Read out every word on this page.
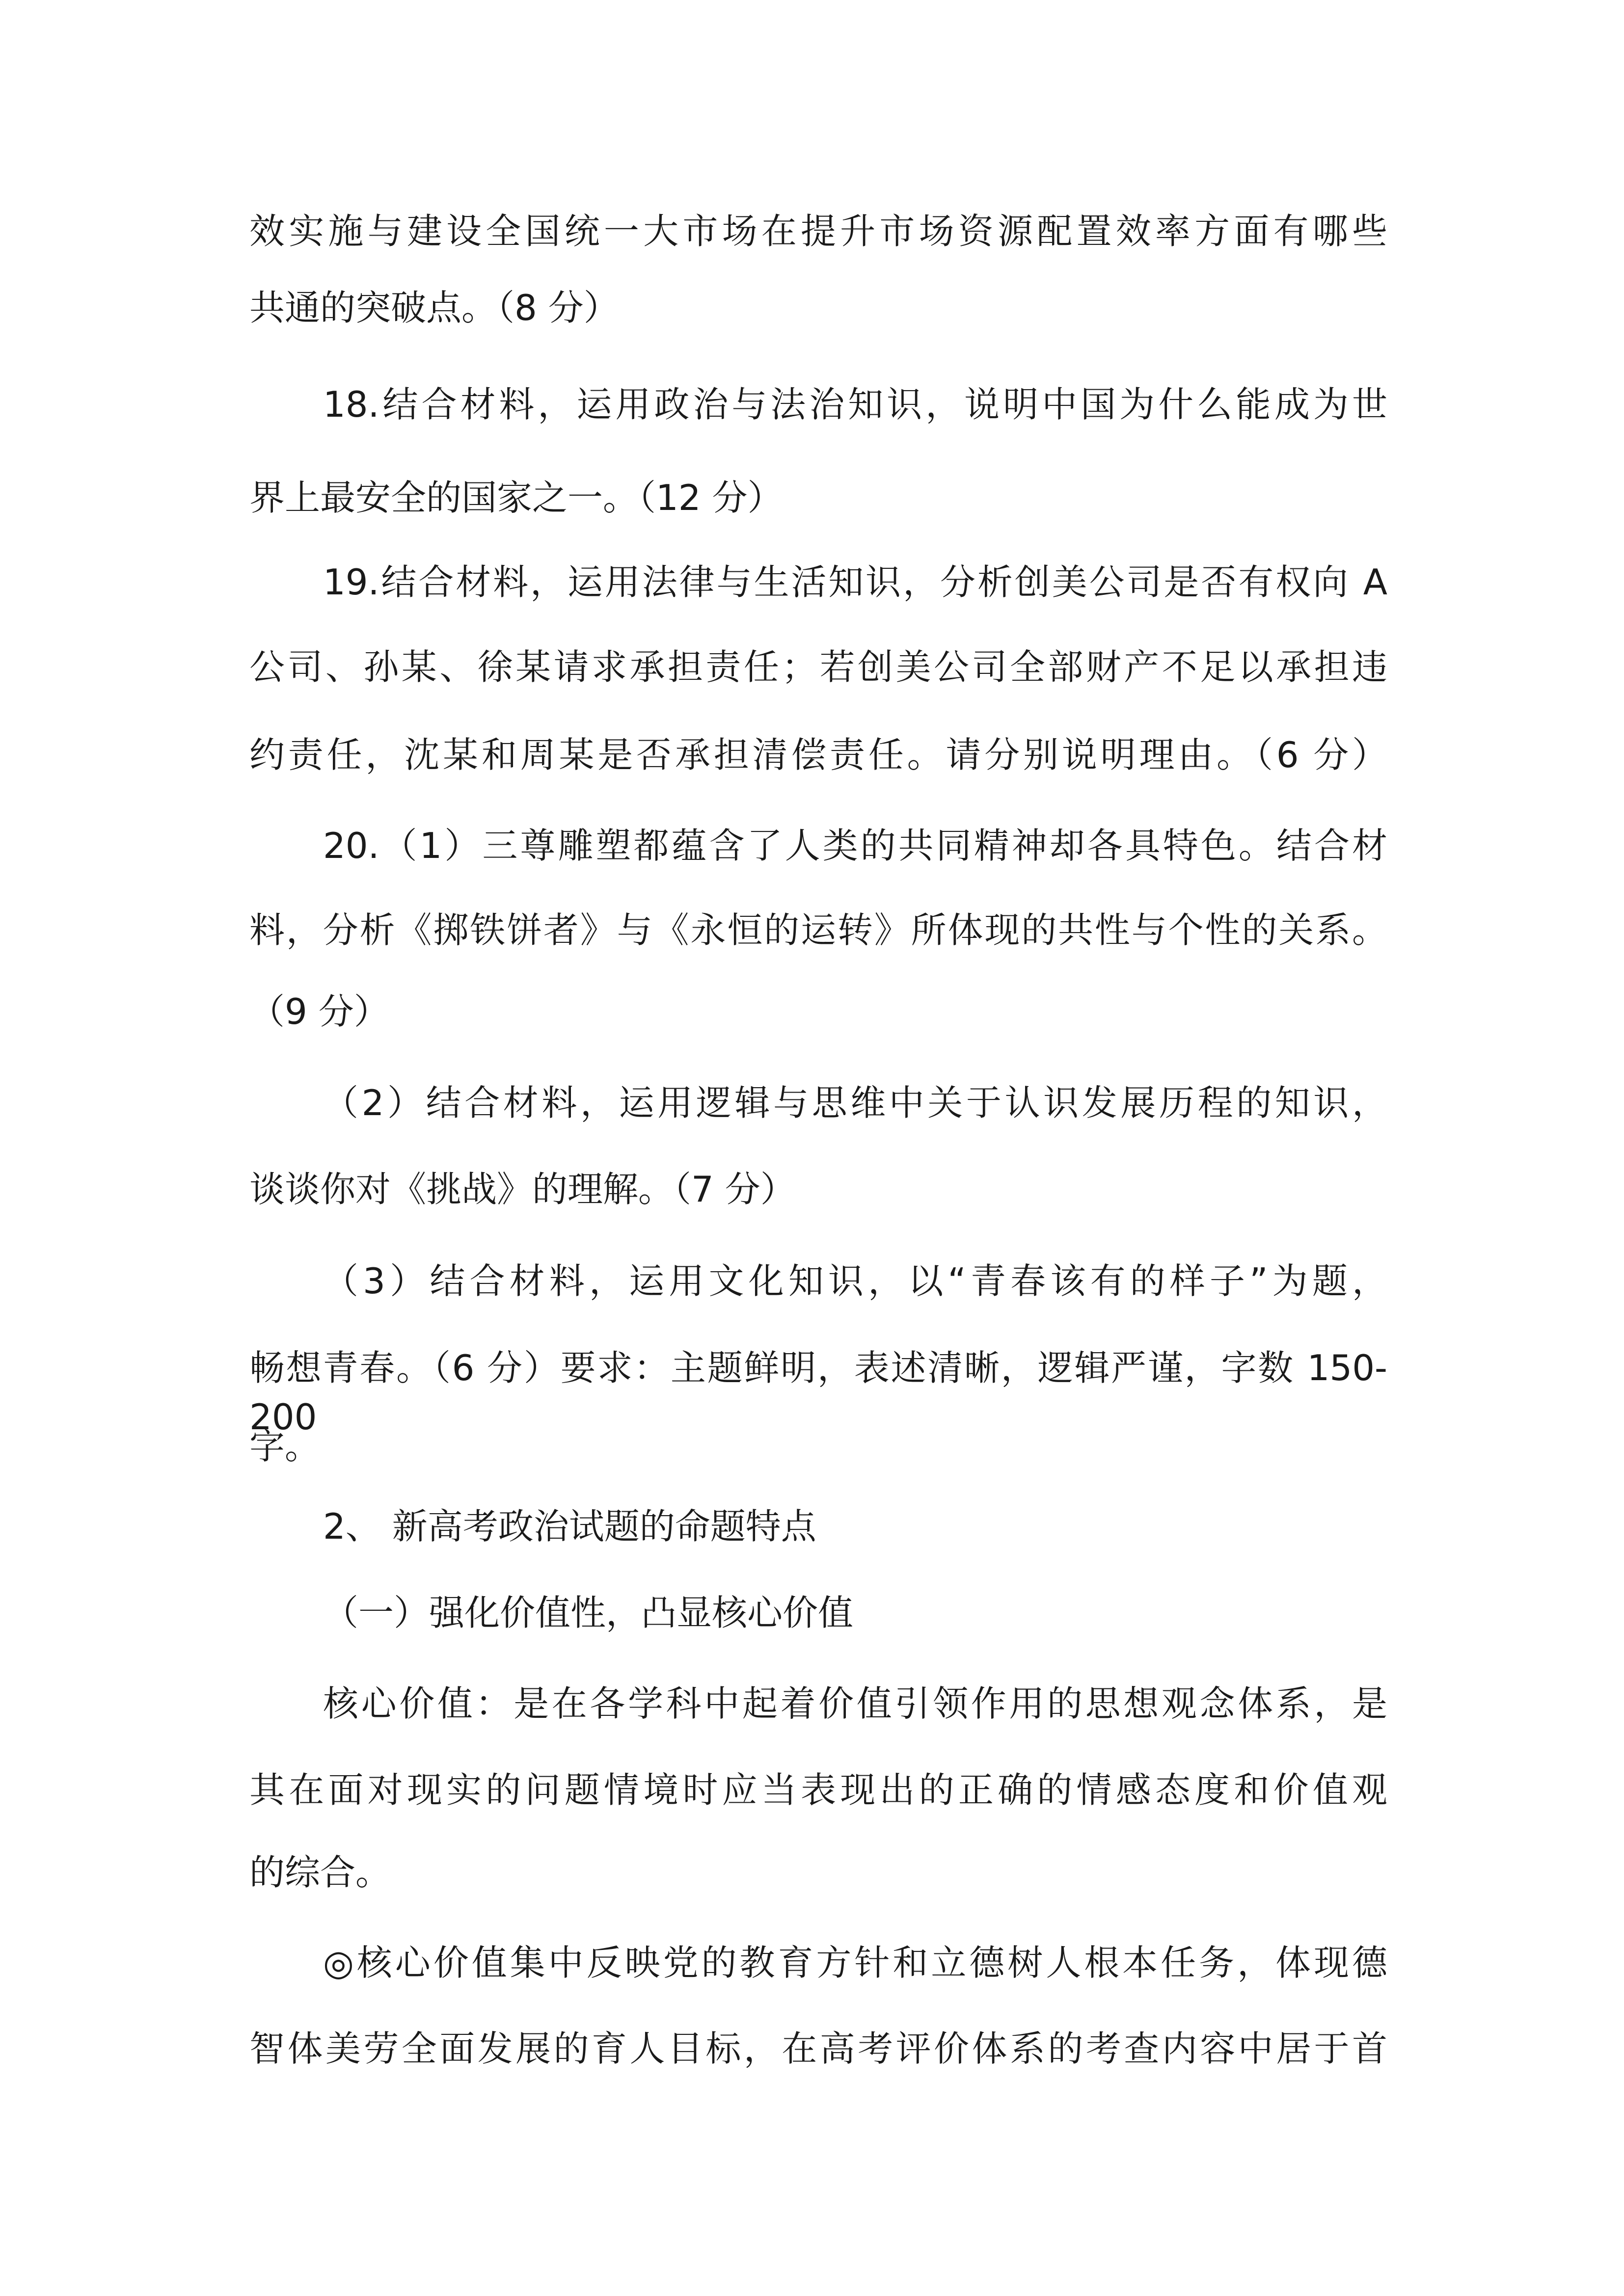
效实施与建设全国统一大市场在提升市场资源配置效率方面有哪些
共通的突破点。（8 分）
18.结合材料，运用政治与法治知识，说明中国为什么能成为世
界上最安全的国家之一。（12 分）
19.结合材料，运用法律与生活知识，分析创美公司是否有权向 A
公司、孙某、徐某请求承担责任；若创美公司全部财产不足以承担违
约责任，沈某和周某是否承担清偿责任。请分别说明理由。（6 分）
20.（1）三尊雕塑都蕴含了人类的共同精神却各具特色。结合材
料，分析《掷铁饼者》与《永恒的运转》所体现的共性与个性的关系。
（9 分）
（2）结合材料，运用逻辑与思维中关于认识发展历程的知识，
谈谈你对《挑战》的理解。（7 分）
（3）结合材料，运用文化知识，以“青春该有的样子”为题，
畅想青春。（6 分）要求：主题鲜明，表述清晰，逻辑严谨，字数 150-200
字。
2、 新高考政治试题的命题特点
（一）强化价值性，凸显核心价值
核心价值：是在各学科中起着价值引领作用的思想观念体系，是
其在面对现实的问题情境时应当表现出的正确的情感态度和价值观
的综合。
◎核心价值集中反映党的教育方针和立德树人根本任务，体现德
智体美劳全面发展的育人目标，在高考评价体系的考查内容中居于首
